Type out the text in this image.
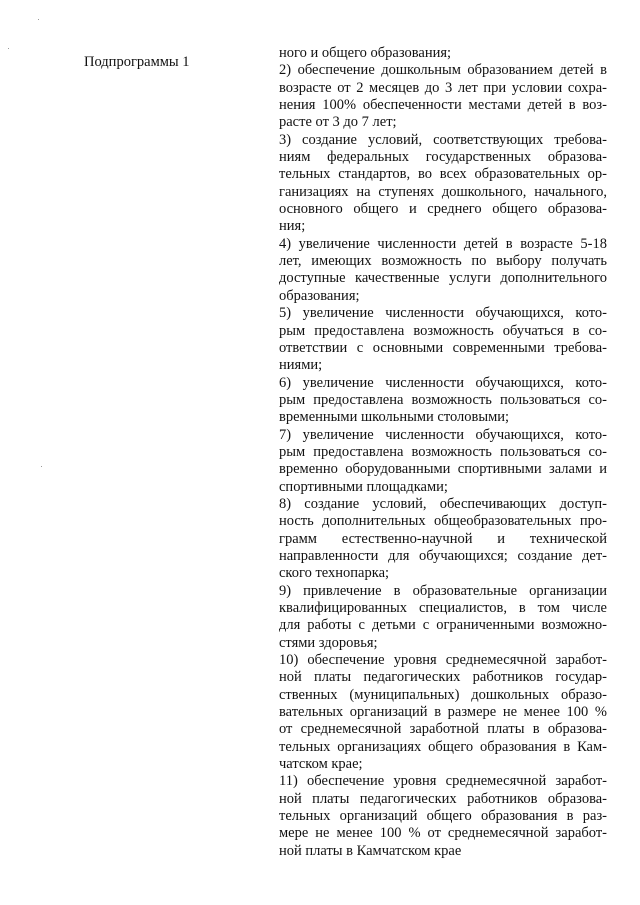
Подпрограммы 1
ного и общего образования;
2) обеспечение дошкольным образованием детей в
возрасте от 2 месяцев до 3 лет при условии сохра-
нения 100% обеспеченности местами детей в воз-
расте от 3 до 7 лет;
3) создание условий, соответствующих требова-
ниям федеральных государственных образова-
тельных стандартов, во всех образовательных ор-
ганизациях на ступенях дошкольного, начального,
основного общего и среднего общего образова-
ния;
4) увеличение численности детей в возрасте 5-18
лет, имеющих возможность по выбору получать
доступные качественные услуги дополнительного
образования;
5) увеличение численности обучающихся, кото-
рым предоставлена возможность обучаться в со-
ответствии с основными современными требова-
ниями;
6) увеличение численности обучающихся, кото-
рым предоставлена возможность пользоваться со-
временными школьными столовыми;
7) увеличение численности обучающихся, кото-
рым предоставлена возможность пользоваться со-
временно оборудованными спортивными залами и
спортивными площадками;
8) создание условий, обеспечивающих доступ-
ность дополнительных общеобразовательных про-
грамм естественно-научной и технической
направленности для обучающихся; создание дет-
ского технопарка;
9) привлечение в образовательные организации
квалифицированных специалистов, в том числе
для работы с детьми с ограниченными возможно-
стями здоровья;
10) обеспечение уровня среднемесячной заработ-
ной платы педагогических работников государ-
ственных (муниципальных) дошкольных образо-
вательных организаций в размере не менее 100 %
от среднемесячной заработной платы в образова-
тельных организациях общего образования в Кам-
чатском крае;
11) обеспечение уровня среднемесячной заработ-
ной платы педагогических работников образова-
тельных организаций общего образования в раз-
мере не менее 100 % от среднемесячной заработ-
ной платы в Камчатском крае
